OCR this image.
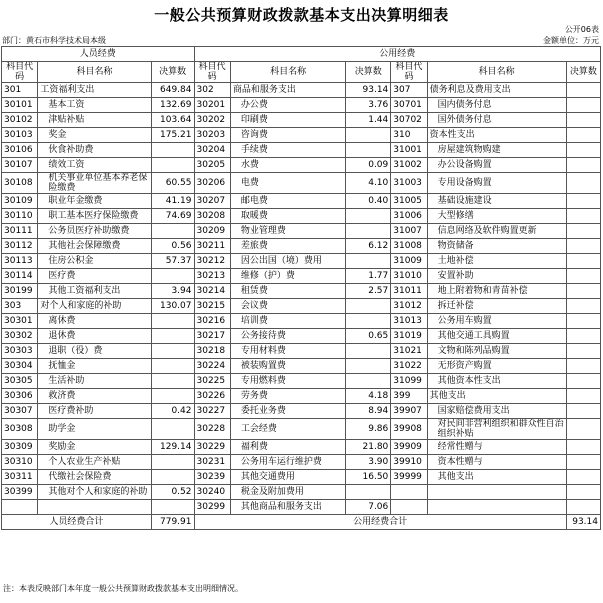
一般公共预算财政拨款基本支出决算明细表
公开06表
部门：黄石市科学技术局本级	金额单位：万元
人员经费			公用经费					
科目代码	科目名称	决算数	科目代码	科目名称	决算数	科目代码	科目名称	决算数
301	工资福利支出	649.84	302	商品和服务支出	93.14	307	债务利息及费用支出	
30101	基本工资	132.69	30201	办公费	3.76	30701	国内债务付息	
30102	津贴补贴	103.64	30202	印刷费	1.44	30702	国外债务付息	
30103	奖金	175.21	30203	咨询费		310	资本性支出	
30106	伙食补助费		30204	手续费		31001	房屋建筑物购建	
30107	绩效工资		30205	水费	0.09	31002	办公设备购置	
30108	机关事业单位基本养老保险缴费	60.55	30206	电费	4.10	31003	专用设备购置	
30109	职业年金缴费	41.19	30207	邮电费	0.40	31005	基础设施建设	
30110	职工基本医疗保险缴费	74.69	30208	取暖费		31006	大型修缮	
30111	公务员医疗补助缴费		30209	物业管理费		31007	信息网络及软件购置更新	
30112	其他社会保障缴费	0.56	30211	差旅费	6.12	31008	物资储备	
30113	住房公积金	57.37	30212	因公出国（境）费用		31009	土地补偿	
30114	医疗费		30213	维修（护）费	1.77	31010	安置补助	
30199	其他工资福利支出	3.94	30214	租赁费	2.57	31011	地上附着物和青苗补偿	
303	对个人和家庭的补助	130.07	30215	会议费		31012	拆迁补偿	
30301	离休费		30216	培训费		31013	公务用车购置	
30302	退休费		30217	公务接待费	0.65	31019	其他交通工具购置	
30303	退职（役）费		30218	专用材料费		31021	文物和陈列品购置	
30304	抚恤金		30224	被装购置费		31022	无形资产购置	
30305	生活补助		30225	专用燃料费		31099	其他资本性支出	
30306	救济费		30226	劳务费	4.18	399	其他支出	
30307	医疗费补助	0.42	30227	委托业务费	8.94	39907	国家赔偿费用支出	
30308	助学金		30228	工会经费	9.86	39908	对民间非营利组织和群众性自治组织补贴	
30309	奖励金	129.14	30229	福利费	21.80	39909	经常性赠与	
30310	个人农业生产补贴		30231	公务用车运行维护费	3.90	39910	资本性赠与	
30311	代缴社会保险费		30239	其他交通费用	16.50	39999	其他支出	
30399	其他对个人和家庭的补助	0.52	30240	税金及附加费用				
			30299	其他商品和服务支出	7.06			
人员经费合计		779.91	公用经费合计					93.14
注：本表反映部门本年度一般公共预算财政拨款基本支出明细情况。
